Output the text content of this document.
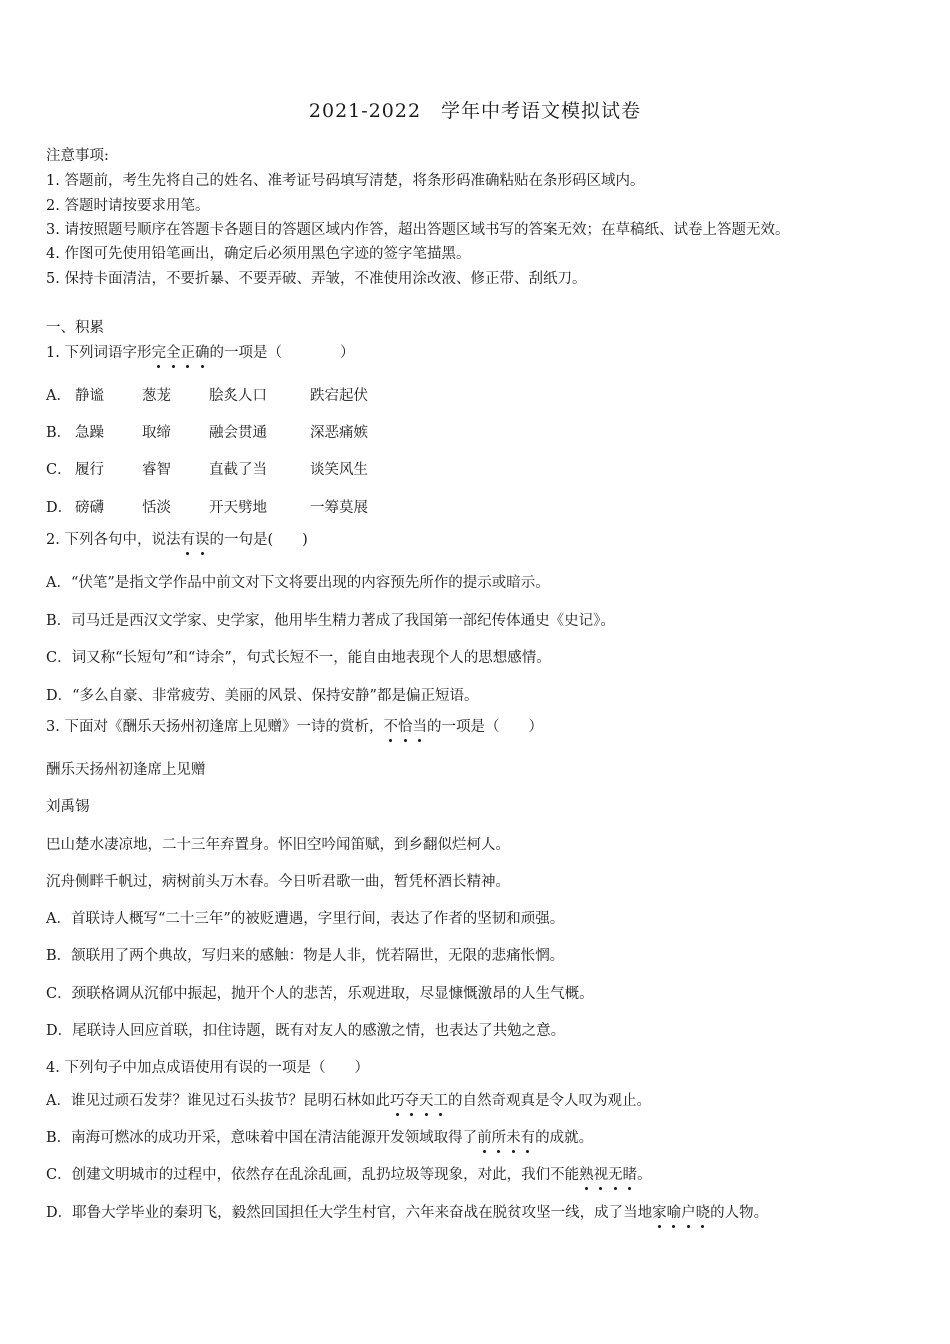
2021-2022　学年中考语文模拟试卷
注意事项:
1. 答题前，考生先将自己的姓名、准考证号码填写清楚，将条形码准确粘贴在条形码区域内。
2. 答题时请按要求用笔。
3. 请按照题号顺序在答题卡各题目的答题区域内作答，超出答题区域书写的答案无效；在草稿纸、试卷上答题无效。
4. 作图可先使用铅笔画出，确定后必须用黑色字迹的签字笔描黑。
5. 保持卡面清洁，不要折暴、不要弄破、弄皱，不准使用涂改液、修正带、刮纸刀。
一、积累
1. 下列词语字形完全正确的一项是（　　　　）

A．

静谧

	葱茏

	脍炙人口

	跌宕起伏

B．

急躁

	取缔

	融会贯通

	深恶痛嫉

C．

履行

	睿智

	直截了当

	谈笑风生

D．

磅礴

	恬淡

	开天劈地

	一筹莫展

2. 下列各句中，说法有误的一句是(　　)
A．“伏笔”是指文学作品中前文对下文将要出现的内容预先所作的提示或暗示。
B．司马迁是西汉文学家、史学家，他用毕生精力著成了我国第一部纪传体通史《史记》。
C．词又称“长短句”和“诗余”，句式长短不一，能自由地表现个人的思想感情。
D．“多么自豪、非常疲劳、美丽的风景、保持安静”都是偏正短语。
3. 下面对《酬乐天扬州初逢席上见赠》一诗的赏析，不恰当的一项是（　　）
酬乐天扬州初逢席上见赠
刘禹锡
巴山楚水凄凉地，二十三年弃置身。怀旧空吟闻笛赋，到乡翻似烂柯人。
沉舟侧畔千帆过，病树前头万木春。今日听君歌一曲，暂凭杯酒长精神。
A．首联诗人概写“二十三年”的被贬遭遇，字里行间，表达了作者的坚韧和顽强。
B．颔联用了两个典故，写归来的感触：物是人非，恍若隔世，无限的悲痛怅惘。
C．颈联格调从沉郁中振起，抛开个人的悲苦，乐观进取，尽显慷慨激昂的人生气概。
D．尾联诗人回应首联，扣住诗题，既有对友人的感激之情，也表达了共勉之意。
4. 下列句子中加点成语使用有误的一项是（　　）
A．谁见过顽石发芽？谁见过石头拔节？昆明石林如此巧夺天工的自然奇观真是令人叹为观止。
B．南海可燃冰的成功开采，意味着中国在清洁能源开发领域取得了前所未有的成就。
C．创建文明城市的过程中，依然存在乱涂乱画，乱扔垃圾等现象，对此，我们不能熟视无睹。
D．耶鲁大学毕业的秦玥飞，毅然回国担任大学生村官，六年来奋战在脱贫攻坚一线，成了当地家喻户晓的人物。
